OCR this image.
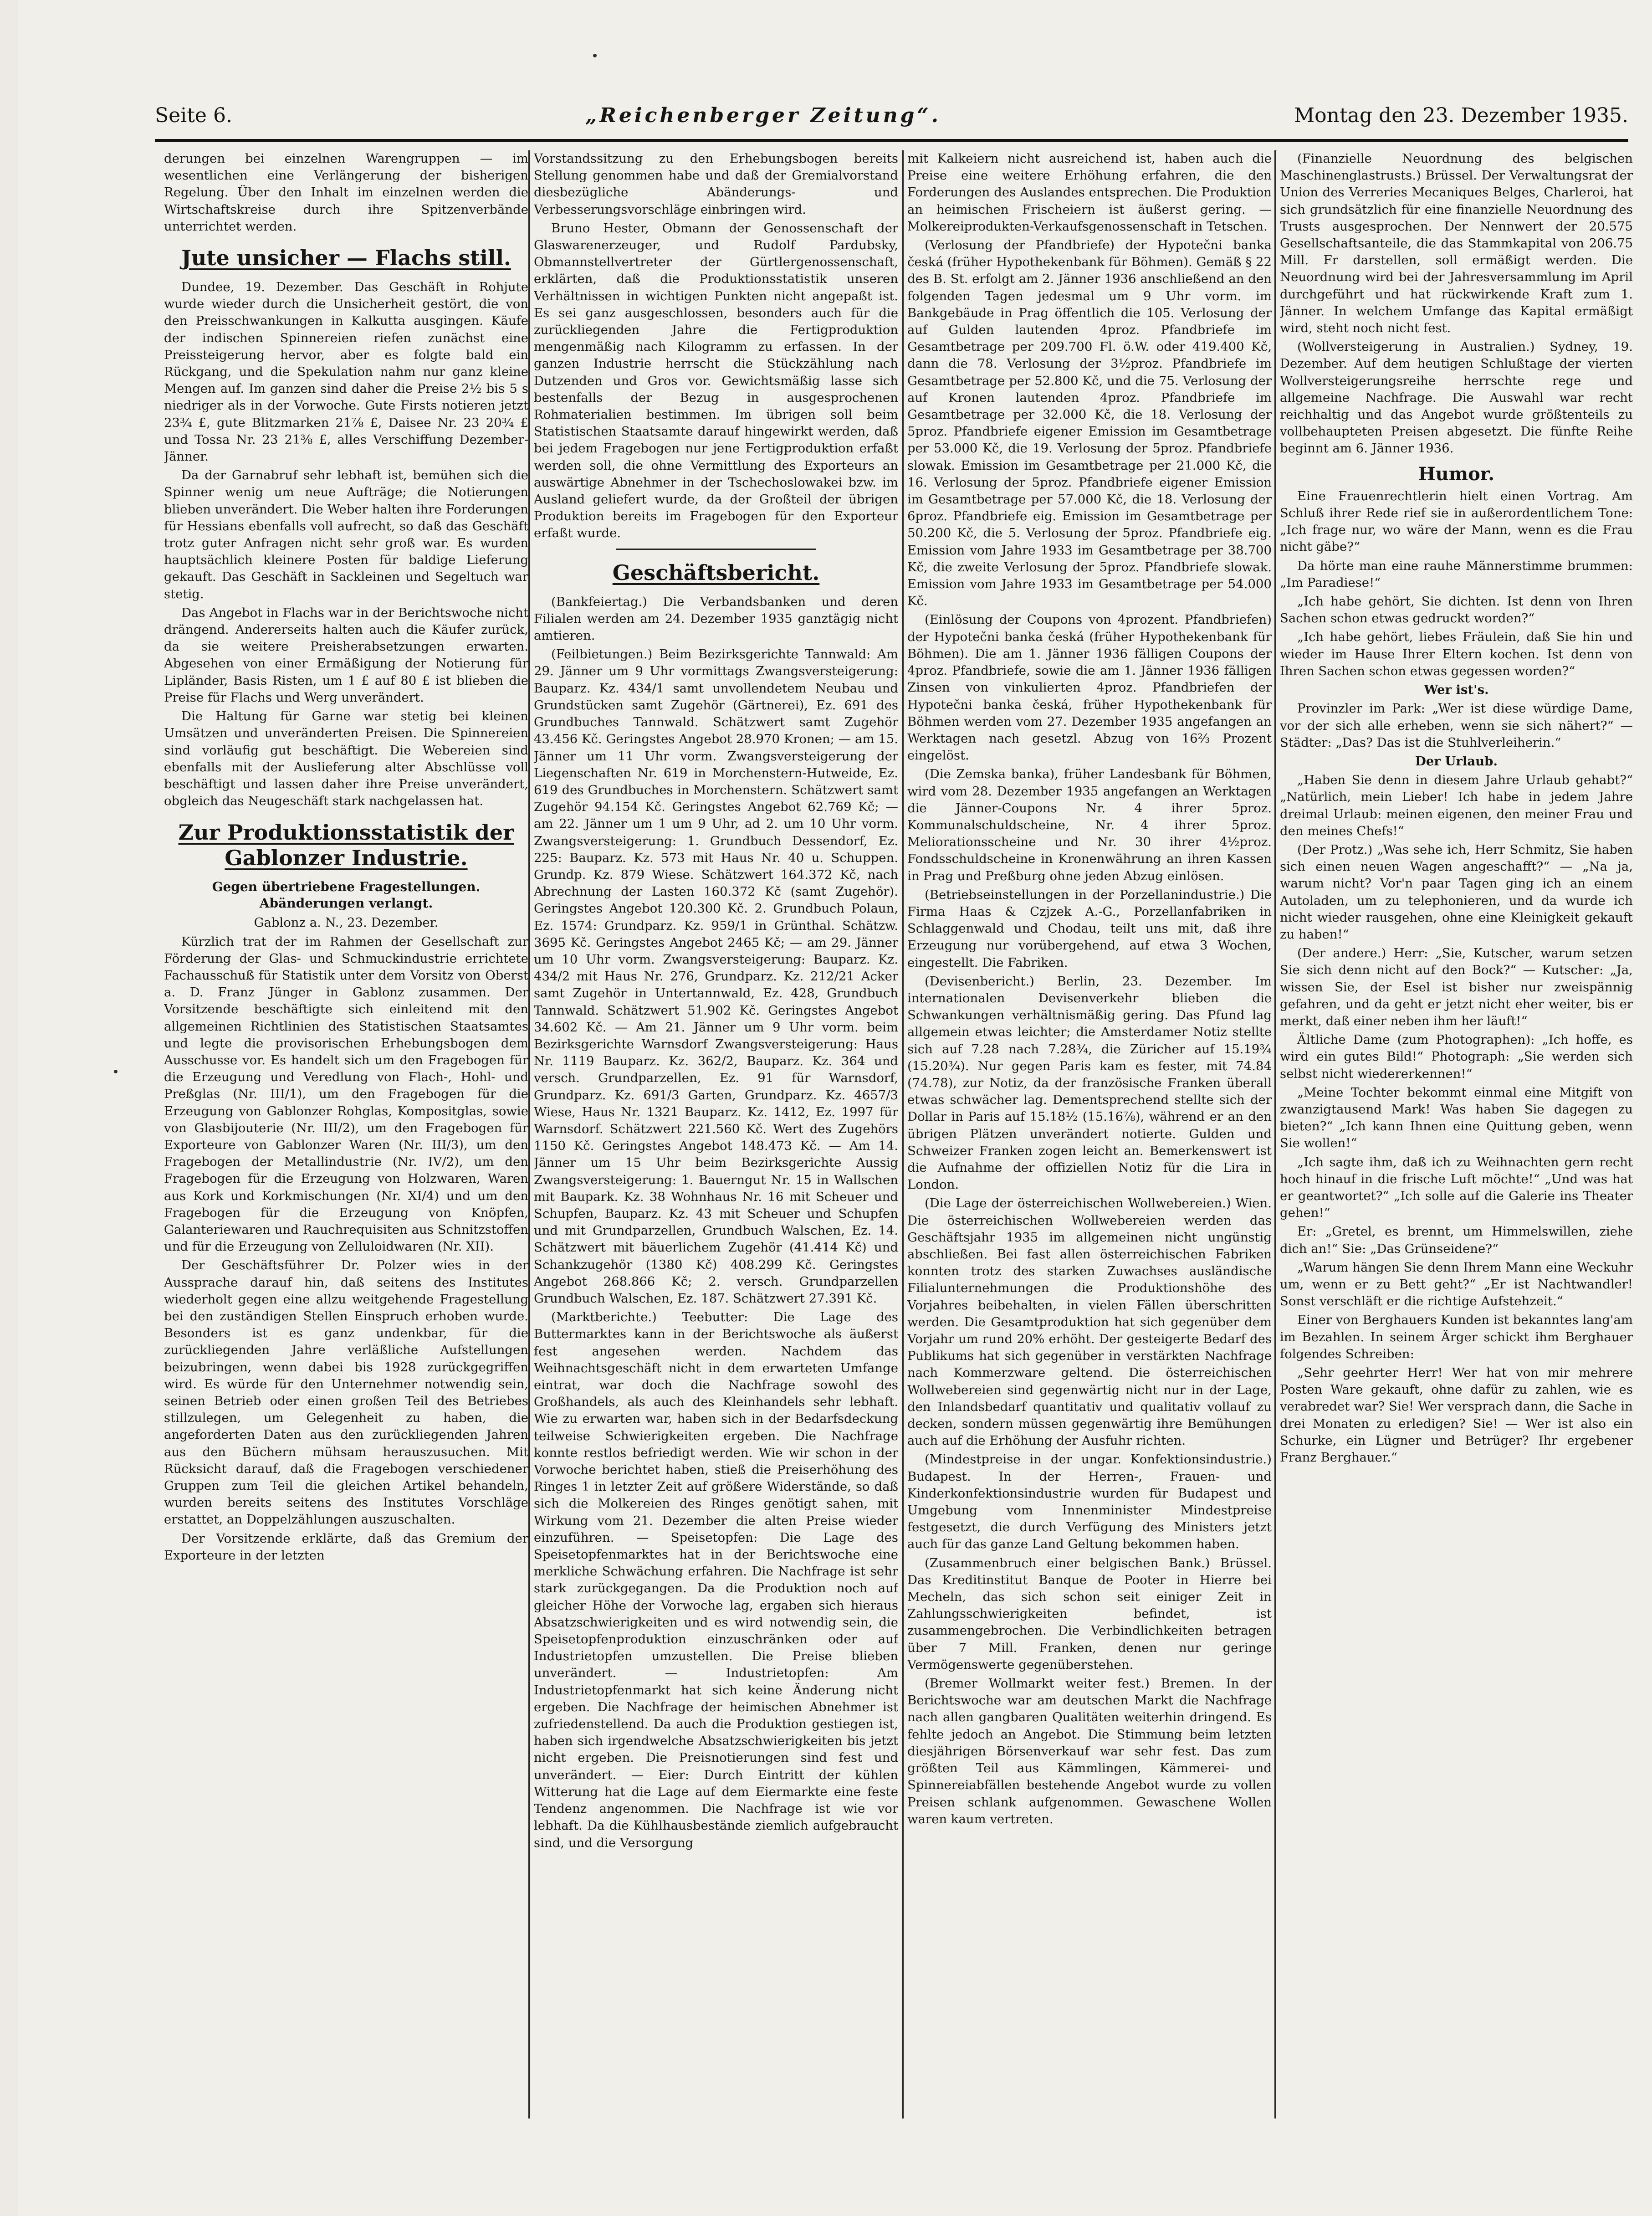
Seite 6.	„Reichenberger Zeitung“.	Montag den 23. Dezember 1935.

derungen bei einzelnen Warengruppen — im wesentlichen eine Verlängerung der bisherigen Regelung. Über den Inhalt im einzelnen werden die Wirtschaftskreise durch ihre Spitzenverbände unterrichtet werden.

Jute unsicher — Flachs still.

Dundee, 19. Dezember. Das Geschäft in Rohjute wurde wieder durch die Unsicherheit gestört, die von den Preisschwankungen in Kalkutta ausgingen. Käufe der indischen Spinnereien riefen zunächst eine Preissteigerung hervor, aber es folgte bald ein Rückgang, und die Spekulation nahm nur ganz kleine Mengen auf. Im ganzen sind daher die Preise 2½ bis 5 s niedriger als in der Vorwoche. Gute Firsts notieren jetzt 23¾ £, gute Blitzmarken 21⅞ £, Daisee Nr. 23 20¾ £ und Tossa Nr. 23 21⅜ £, alles Verschiffung Dezember-Jänner.

Da der Garnabruf sehr lebhaft ist, bemühen sich die Spinner wenig um neue Aufträge; die Notierungen blieben unverändert. Die Weber halten ihre Forderungen für Hessians ebenfalls voll aufrecht, so daß das Geschäft trotz guter Anfragen nicht sehr groß war. Es wurden hauptsächlich kleinere Posten für baldige Lieferung gekauft. Das Geschäft in Sackleinen und Segeltuch war stetig.

Das Angebot in Flachs war in der Berichtswoche nicht drängend. Andererseits halten auch die Käufer zurück, da sie weitere Preisherabsetzungen erwarten. Abgesehen von einer Ermäßigung der Notierung für Lipländer, Basis Risten, um 1 £ auf 80 £ ist blieben die Preise für Flachs und Werg unverändert.

Die Haltung für Garne war stetig bei kleinen Umsätzen und unveränderten Preisen. Die Spinnereien sind vorläufig gut beschäftigt. Die Webereien sind ebenfalls mit der Auslieferung alter Abschlüsse voll beschäftigt und lassen daher ihre Preise unverändert, obgleich das Neugeschäft stark nachgelassen hat.

Zur Produktionsstatistik der Gablonzer Industrie.
Gegen übertriebene Fragestellungen. Abänderungen verlangt.

Gablonz a. N., 23. Dezember.

Kürzlich trat der im Rahmen der Gesellschaft zur Förderung der Glas- und Schmuckindustrie errichtete Fachausschuß für Statistik unter dem Vorsitz von Oberst a. D. Franz Jünger in Gablonz zusammen. Der Vorsitzende beschäftigte sich einleitend mit den allgemeinen Richtlinien des Statistischen Staatsamtes und legte die provisorischen Erhebungsbogen dem Ausschusse vor. Es handelt sich um den Fragebogen für die Erzeugung und Veredlung von Flach-, Hohl- und Preßglas (Nr. III/1), um den Fragebogen für die Erzeugung von Gablonzer Rohglas, Kompositglas, sowie von Glasbijouterie (Nr. III/2), um den Fragebogen für Exporteure von Gablonzer Waren (Nr. III/3), um den Fragebogen der Metallindustrie (Nr. IV/2), um den Fragebogen für die Erzeugung von Holzwaren, Waren aus Kork und Korkmischungen (Nr. XI/4) und um den Fragebogen für die Erzeugung von Knöpfen, Galanteriewaren und Rauchrequisiten aus Schnitzstoffen und für die Erzeugung von Zelluloidwaren (Nr. XII).

Der Geschäftsführer Dr. Polzer wies in der Aussprache darauf hin, daß seitens des Institutes wiederholt gegen eine allzu weitgehende Fragestellung bei den zuständigen Stellen Einspruch erhoben wurde. Besonders ist es ganz undenkbar, für die zurückliegenden Jahre verläßliche Aufstellungen beizubringen, wenn dabei bis 1928 zurückgegriffen wird. Es würde für den Unternehmer notwendig sein, seinen Betrieb oder einen großen Teil des Betriebes stillzulegen, um Gelegenheit zu haben, die angeforderten Daten aus den zurückliegenden Jahren aus den Büchern mühsam herauszusuchen. Mit Rücksicht darauf, daß die Fragebogen verschiedener Gruppen zum Teil die gleichen Artikel behandeln, wurden bereits seitens des Institutes Vorschläge erstattet, an Doppelzählungen auszuschalten.

Der Vorsitzende erklärte, daß das Gremium der Exporteure in der letzten

Vorstandssitzung zu den Erhebungsbogen bereits Stellung genommen habe und daß der Gremialvorstand diesbezügliche Abänderungs- und Verbesserungsvorschläge einbringen wird.

Bruno Hester, Obmann der Genossenschaft der Glaswarenerzeuger, und Rudolf Pardubsky, Obmannstellvertreter der Gürtlergenossenschaft, erklärten, daß die Produktionsstatistik unseren Verhältnissen in wichtigen Punkten nicht angepaßt ist. Es sei ganz ausgeschlossen, besonders auch für die zurückliegenden Jahre die Fertigproduktion mengenmäßig nach Kilogramm zu erfassen. In der ganzen Industrie herrscht die Stückzählung nach Dutzenden und Gros vor. Gewichtsmäßig lasse sich bestenfalls der Bezug in ausgesprochenen Rohmaterialien bestimmen. Im übrigen soll beim Statistischen Staatsamte darauf hingewirkt werden, daß bei jedem Fragebogen nur jene Fertigproduktion erfaßt werden soll, die ohne Vermittlung des Exporteurs an auswärtige Abnehmer in der Tschechoslowakei bzw. im Ausland geliefert wurde, da der Großteil der übrigen Produktion bereits im Fragebogen für den Exporteur erfaßt wurde.

Geschäftsbericht.

(Bankfeiertag.) Die Verbandsbanken und deren Filialen werden am 24. Dezember 1935 ganztägig nicht amtieren.

(Feilbietungen.) Beim Bezirksgerichte Tannwald: Am 29. Jänner um 9 Uhr vormittags Zwangsversteigerung: Bauparz. Kz. 434/1 samt unvollendetem Neubau und Grundstücken samt Zugehör (Gärtnerei), Ez. 691 des Grundbuches Tannwald. Schätzwert samt Zugehör 43.456 Kč. Geringstes Angebot 28.970 Kronen; — am 15. Jänner um 11 Uhr vorm. Zwangsversteigerung der Liegenschaften Nr. 619 in Morchenstern-Hutweide, Ez. 619 des Grundbuches in Morchenstern. Schätzwert samt Zugehör 94.154 Kč. Geringstes Angebot 62.769 Kč; — am 22. Jänner um 1 um 9 Uhr, ad 2. um 10 Uhr vorm. Zwangsversteigerung: 1. Grundbuch Dessendorf, Ez. 225: Bauparz. Kz. 573 mit Haus Nr. 40 u. Schuppen. Grundp. Kz. 879 Wiese. Schätzwert 164.372 Kč, nach Abrechnung der Lasten 160.372 Kč (samt Zugehör). Geringstes Angebot 120.300 Kč. 2. Grundbuch Polaun, Ez. 1574: Grundparz. Kz. 959/1 in Grünthal. Schätzw. 3695 Kč. Geringstes Angebot 2465 Kč; — am 29. Jänner um 10 Uhr vorm. Zwangsversteigerung: Bauparz. Kz. 434/2 mit Haus Nr. 276, Grundparz. Kz. 212/21 Acker samt Zugehör in Untertannwald, Ez. 428, Grundbuch Tannwald. Schätzwert 51.902 Kč. Geringstes Angebot 34.602 Kč. — Am 21. Jänner um 9 Uhr vorm. beim Bezirksgerichte Warnsdorf Zwangsversteigerung: Haus Nr. 1119 Bauparz. Kz. 362/2, Bauparz. Kz. 364 und versch. Grundparzellen, Ez. 91 für Warnsdorf, Grundparz. Kz. 691/3 Garten, Grundparz. Kz. 4657/3 Wiese, Haus Nr. 1321 Bauparz. Kz. 1412, Ez. 1997 für Warnsdorf. Schätzwert 221.560 Kč. Wert des Zugehörs 1150 Kč. Geringstes Angebot 148.473 Kč. — Am 14. Jänner um 15 Uhr beim Bezirksgerichte Aussig Zwangsversteigerung: 1. Bauerngut Nr. 15 in Wallschen mit Baupark. Kz. 38 Wohnhaus Nr. 16 mit Scheuer und Schupfen, Bauparz. Kz. 43 mit Scheuer und Schupfen und mit Grundparzellen, Grundbuch Walschen, Ez. 14. Schätzwert mit bäuerlichem Zugehör (41.414 Kč) und Schankzugehör (1380 Kč) 408.299 Kč. Geringstes Angebot 268.866 Kč; 2. versch. Grundparzellen Grundbuch Walschen, Ez. 187. Schätzwert 27.391 Kč.

(Marktberichte.) Teebutter: Die Lage des Buttermarktes kann in der Berichtswoche als äußerst fest angesehen werden. Nachdem das Weihnachtsgeschäft nicht in dem erwarteten Umfange eintrat, war doch die Nachfrage sowohl des Großhandels, als auch des Kleinhandels sehr lebhaft. Wie zu erwarten war, haben sich in der Bedarfsdeckung teilweise Schwierigkeiten ergeben. Die Nachfrage konnte restlos befriedigt werden. Wie wir schon in der Vorwoche berichtet haben, stieß die Preiserhöhung des Ringes 1 in letzter Zeit auf größere Widerstände, so daß sich die Molkereien des Ringes genötigt sahen, mit Wirkung vom 21. Dezember die alten Preise wieder einzuführen. — Speisetopfen: Die Lage des Speisetopfenmarktes hat in der Berichtswoche eine merkliche Schwächung erfahren. Die Nachfrage ist sehr stark zurückgegangen. Da die Produktion noch auf gleicher Höhe der Vorwoche lag, ergaben sich hieraus Absatzschwierigkeiten und es wird notwendig sein, die Speisetopfenproduktion einzuschränken oder auf Industrietopfen umzustellen. Die Preise blieben unverändert. — Industrietopfen: Am Industrietopfenmarkt hat sich keine Änderung nicht ergeben. Die Nachfrage der heimischen Abnehmer ist zufriedenstellend. Da auch die Produktion gestiegen ist, haben sich irgendwelche Absatzschwierigkeiten bis jetzt nicht ergeben. Die Preisnotierungen sind fest und unverändert. — Eier: Durch Eintritt der kühlen Witterung hat die Lage auf dem Eiermarkte eine feste Tendenz angenommen. Die Nachfrage ist wie vor lebhaft. Da die Kühlhausbestände ziemlich aufgebraucht sind, und die Versorgung

mit Kalkeiern nicht ausreichend ist, haben auch die Preise eine weitere Erhöhung erfahren, die den Forderungen des Auslandes entsprechen. Die Produktion an heimischen Frischeiern ist äußerst gering. — Molkereiprodukten-Verkaufsgenossenschaft in Tetschen.

(Verlosung der Pfandbriefe) der Hypotečni banka česká (früher Hypothekenbank für Böhmen). Gemäß § 22 des B. St. erfolgt am 2. Jänner 1936 anschließend an den folgenden Tagen jedesmal um 9 Uhr vorm. im Bankgebäude in Prag öffentlich die 105. Verlosung der auf Gulden lautenden 4proz. Pfandbriefe im Gesamtbetrage per 209.700 Fl. ö.W. oder 419.400 Kč, dann die 78. Verlosung der 3½proz. Pfandbriefe im Gesamtbetrage per 52.800 Kč, und die 75. Verlosung der auf Kronen lautenden 4proz. Pfandbriefe im Gesamtbetrage per 32.000 Kč, die 18. Verlosung der 5proz. Pfandbriefe eigener Emission im Gesamtbetrage per 53.000 Kč, die 19. Verlosung der 5proz. Pfandbriefe slowak. Emission im Gesamtbetrage per 21.000 Kč, die 16. Verlosung der 5proz. Pfandbriefe eigener Emission im Gesamtbetrage per 57.000 Kč, die 18. Verlosung der 6proz. Pfandbriefe eig. Emission im Gesamtbetrage per 50.200 Kč, die 5. Verlosung der 5proz. Pfandbriefe eig. Emission vom Jahre 1933 im Gesamtbetrage per 38.700 Kč, die zweite Verlosung der 5proz. Pfandbriefe slowak. Emission vom Jahre 1933 im Gesamtbetrage per 54.000 Kč.

(Einlösung der Coupons von 4prozent. Pfandbriefen) der Hypotečni banka česká (früher Hypothekenbank für Böhmen). Die am 1. Jänner 1936 fälligen Coupons der 4proz. Pfandbriefe, sowie die am 1. Jänner 1936 fälligen Zinsen von vinkulierten 4proz. Pfandbriefen der Hypotečni banka česká, früher Hypothekenbank für Böhmen werden vom 27. Dezember 1935 angefangen an Werktagen nach gesetzl. Abzug von 16⅔ Prozent eingelöst.

(Die Zemska banka), früher Landesbank für Böhmen, wird vom 28. Dezember 1935 angefangen an Werktagen die Jänner-Coupons Nr. 4 ihrer 5proz. Kommunalschuldscheine, Nr. 4 ihrer 5proz. Meliorationsscheine und Nr. 30 ihrer 4½proz. Fondsschuldscheine in Kronenwährung an ihren Kassen in Prag und Preßburg ohne jeden Abzug einlösen.

(Betriebseinstellungen in der Porzellanindustrie.) Die Firma Haas & Czjzek A.-G., Porzellanfabriken in Schlaggenwald und Chodau, teilt uns mit, daß ihre Erzeugung nur vorübergehend, auf etwa 3 Wochen, eingestellt. Die Fabriken.

(Devisenbericht.) Berlin, 23. Dezember. Im internationalen Devisenverkehr blieben die Schwankungen verhältnismäßig gering. Das Pfund lag allgemein etwas leichter; die Amsterdamer Notiz stellte sich auf 7.28 nach 7.28¾, die Züricher auf 15.19¾ (15.20¾). Nur gegen Paris kam es fester, mit 74.84 (74.78), zur Notiz, da der französische Franken überall etwas schwächer lag. Dementsprechend stellte sich der Dollar in Paris auf 15.18½ (15.16⅞), während er an den übrigen Plätzen unverändert notierte. Gulden und Schweizer Franken zogen leicht an. Bemerkenswert ist die Aufnahme der offiziellen Notiz für die Lira in London.

(Die Lage der österreichischen Wollwebereien.) Wien. Die österreichischen Wollwebereien werden das Geschäftsjahr 1935 im allgemeinen nicht ungünstig abschließen. Bei fast allen österreichischen Fabriken konnten trotz des starken Zuwachses ausländische Filialunternehmungen die Produktionshöhe des Vorjahres beibehalten, in vielen Fällen überschritten werden. Die Gesamtproduktion hat sich gegenüber dem Vorjahr um rund 20% erhöht. Der gesteigerte Bedarf des Publikums hat sich gegenüber in verstärkten Nachfrage nach Kommerzware geltend. Die österreichischen Wollwebereien sind gegenwärtig nicht nur in der Lage, den Inlandsbedarf quantitativ und qualitativ vollauf zu decken, sondern müssen gegenwärtig ihre Bemühungen auch auf die Erhöhung der Ausfuhr richten.

(Mindestpreise in der ungar. Konfektionsindustrie.) Budapest. In der Herren-, Frauen- und Kinderkonfektionsindustrie wurden für Budapest und Umgebung vom Innenminister Mindestpreise festgesetzt, die durch Verfügung des Ministers jetzt auch für das ganze Land Geltung bekommen haben.

(Zusammenbruch einer belgischen Bank.) Brüssel. Das Kreditinstitut Banque de Pooter in Hierre bei Mecheln, das sich schon seit einiger Zeit in Zahlungsschwierigkeiten befindet, ist zusammengebrochen. Die Verbindlichkeiten betragen über 7 Mill. Franken, denen nur geringe Vermögenswerte gegenüberstehen.

(Bremer Wollmarkt weiter fest.) Bremen. In der Berichtswoche war am deutschen Markt die Nachfrage nach allen gangbaren Qualitäten weiterhin dringend. Es fehlte jedoch an Angebot. Die Stimmung beim letzten diesjährigen Börsenverkauf war sehr fest. Das zum größten Teil aus Kämmlingen, Kämmerei- und Spinnereiabfällen bestehende Angebot wurde zu vollen Preisen schlank aufgenommen. Gewaschene Wollen waren kaum vertreten.

(Finanzielle Neuordnung des belgischen Maschinenglastrusts.) Brüssel. Der Verwaltungsrat der Union des Verreries Mecaniques Belges, Charleroi, hat sich grundsätzlich für eine finanzielle Neuordnung des Trusts ausgesprochen. Der Nennwert der 20.575 Gesellschaftsanteile, die das Stammkapital von 206.75 Mill. Fr darstellen, soll ermäßigt werden. Die Neuordnung wird bei der Jahresversammlung im April durchgeführt und hat rückwirkende Kraft zum 1. Jänner. In welchem Umfange das Kapital ermäßigt wird, steht noch nicht fest.

(Wollversteigerung in Australien.) Sydney, 19. Dezember. Auf dem heutigen Schlußtage der vierten Wollversteigerungsreihe herrschte rege und allgemeine Nachfrage. Die Auswahl war recht reichhaltig und das Angebot wurde größtenteils zu vollbehaupteten Preisen abgesetzt. Die fünfte Reihe beginnt am 6. Jänner 1936.

Humor.

Eine Frauenrechtlerin hielt einen Vortrag. Am Schluß ihrer Rede rief sie in außerordentlichem Tone: „Ich frage nur, wo wäre der Mann, wenn es die Frau nicht gäbe?“

Da hörte man eine rauhe Männerstimme brummen: „Im Paradiese!“

„Ich habe gehört, Sie dichten. Ist denn von Ihren Sachen schon etwas gedruckt worden?“

„Ich habe gehört, liebes Fräulein, daß Sie hin und wieder im Hause Ihrer Eltern kochen. Ist denn von Ihren Sachen schon etwas gegessen worden?“

Wer ist's.

Provinzler im Park: „Wer ist diese würdige Dame, vor der sich alle erheben, wenn sie sich nähert?“ — Städter: „Das? Das ist die Stuhlverleiherin.“

Der Urlaub.

„Haben Sie denn in diesem Jahre Urlaub gehabt?“ „Natürlich, mein Lieber! Ich habe in jedem Jahre dreimal Urlaub: meinen eigenen, den meiner Frau und den meines Chefs!“

(Der Protz.) „Was sehe ich, Herr Schmitz, Sie haben sich einen neuen Wagen angeschafft?“ — „Na ja, warum nicht? Vor'n paar Tagen ging ich an einem Autoladen, um zu telephonieren, und da wurde ich nicht wieder rausgehen, ohne eine Kleinigkeit gekauft zu haben!“

(Der andere.) Herr: „Sie, Kutscher, warum setzen Sie sich denn nicht auf den Bock?“ — Kutscher: „Ja, wissen Sie, der Esel ist bisher nur zweispännig gefahren, und da geht er jetzt nicht eher weiter, bis er merkt, daß einer neben ihm her läuft!“

Ältliche Dame (zum Photographen): „Ich hoffe, es wird ein gutes Bild!“ Photograph: „Sie werden sich selbst nicht wiedererkennen!“

„Meine Tochter bekommt einmal eine Mitgift von zwanzigtausend Mark! Was haben Sie dagegen zu bieten?“ „Ich kann Ihnen eine Quittung geben, wenn Sie wollen!“

„Ich sagte ihm, daß ich zu Weihnachten gern recht hoch hinauf in die frische Luft möchte!“ „Und was hat er geantwortet?“ „Ich solle auf die Galerie ins Theater gehen!“

Er: „Gretel, es brennt, um Himmelswillen, ziehe dich an!“ Sie: „Das Grünseidene?“

„Warum hängen Sie denn Ihrem Mann eine Weckuhr um, wenn er zu Bett geht?“ „Er ist Nachtwandler! Sonst verschläft er die richtige Aufstehzeit.“

Einer von Berghauers Kunden ist bekanntes lang'am im Bezahlen. In seinem Ärger schickt ihm Berghauer folgendes Schreiben:

„Sehr geehrter Herr! Wer hat von mir mehrere Posten Ware gekauft, ohne dafür zu zahlen, wie es verabredet war? Sie! Wer versprach dann, die Sache in drei Monaten zu erledigen? Sie! — Wer ist also ein Schurke, ein Lügner und Betrüger? Ihr ergebener Franz Berghauer.“
